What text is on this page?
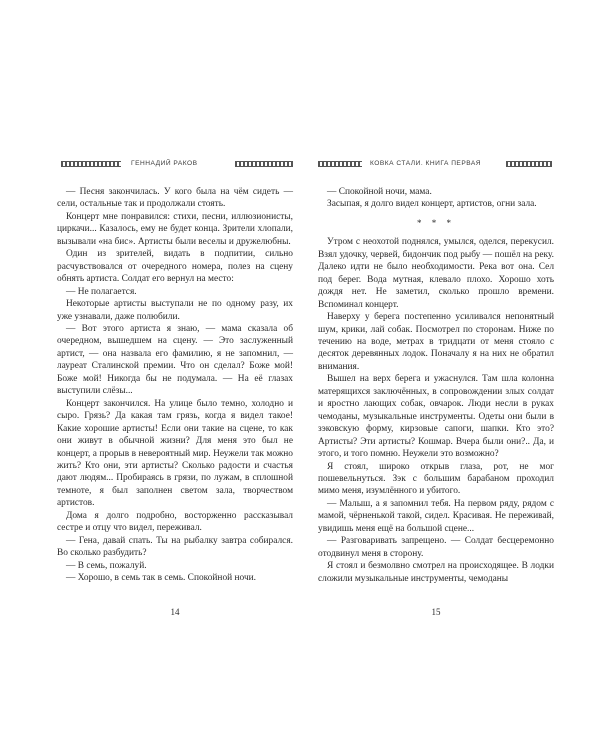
ГЕННАДИЙ РАКОВ

— Песня закончилась. У кого была на чём сидеть — сели, остальные так и продолжали стоять.

Концерт мне понравился: стихи, песни, иллюзионисты, циркачи... Казалось, ему не будет конца. Зрители хлопали, вызывали «на бис». Артисты были веселы и дружелюбны.

Один из зрителей, видать в подпитии, сильно расчувствовался от очередного номера, полез на сцену обнять артиста. Солдат его вернул на место:

— Не полагается.

Некоторые артисты выступали не по одному разу, их уже узнавали, даже полюбили.

— Вот этого артиста я знаю, — мама сказала об очередном, вышедшем на сцену. — Это заслуженный артист, — она назвала его фамилию, я не запомнил, — лауреат Сталинской премии. Что он сделал? Боже мой! Боже мой! Никогда бы не подумала. — На её глазах выступили слёзы...

Концерт закончился. На улице было темно, холодно и сыро. Грязь? Да какая там грязь, когда я видел такое! Какие хорошие артисты! Если они такие на сцене, то как они живут в обычной жизни? Для меня это был не концерт, а прорыв в невероятный мир. Неужели так можно жить? Кто они, эти артисты? Сколько радости и счастья дают людям... Пробираясь в грязи, по лужам, в сплошной темноте, я был заполнен светом зала, творчеством артистов.

Дома я долго подробно, восторженно рассказывал сестре и отцу что видел, переживал.

— Гена, давай спать. Ты на рыбалку завтра собирался. Во сколько разбудить?

— В семь, пожалуй.

— Хорошо, в семь так в семь. Спокойной ночи.

14
КОВКА СТАЛИ. КНИГА ПЕРВАЯ

— Спокойной ночи, мама.

Засыпая, я долго видел концерт, артистов, огни зала.

* * *

Утром с неохотой поднялся, умылся, оделся, перекусил. Взял удочку, червей, бидончик под рыбу — пошёл на реку. Далеко идти не было необходимости. Река вот она. Сел под берег. Вода мутная, клевало плохо. Хорошо хоть дождя нет. Не заметил, сколько прошло времени. Вспоминал концерт.

Наверху у берега постепенно усиливался непонятный шум, крики, лай собак. Посмотрел по сторонам. Ниже по течению на воде, метрах в тридцати от меня стояло с десяток деревянных лодок. Поначалу я на них не обратил внимания.

Вышел на верх берега и ужаснулся. Там шла колонна матерящихся заключённых, в сопровождении злых солдат и яростно лающих собак, овчарок. Люди несли в руках чемоданы, музыкальные инструменты. Одеты они были в зэковскую форму, кирзовые сапоги, шапки. Кто это? Артисты? Эти артисты? Кошмар. Вчера были они?.. Да, и этого, и того помню. Неужели это возможно?

Я стоял, широко открыв глаза, рот, не мог пошевельнуться. Зэк с большим барабаном проходил мимо меня, изумлённого и убитого.

— Малыш, а я запомнил тебя. На первом ряду, рядом с мамой, чёрненькой такой, сидел. Красивая. Не переживай, увидишь меня ещё на большой сцене...

— Разговаривать запрещено. — Солдат бесцеремонно отодвинул меня в сторону.

Я стоял и безмолвно смотрел на происходящее. В лодки сложили музыкальные инструменты, чемоданы

15
